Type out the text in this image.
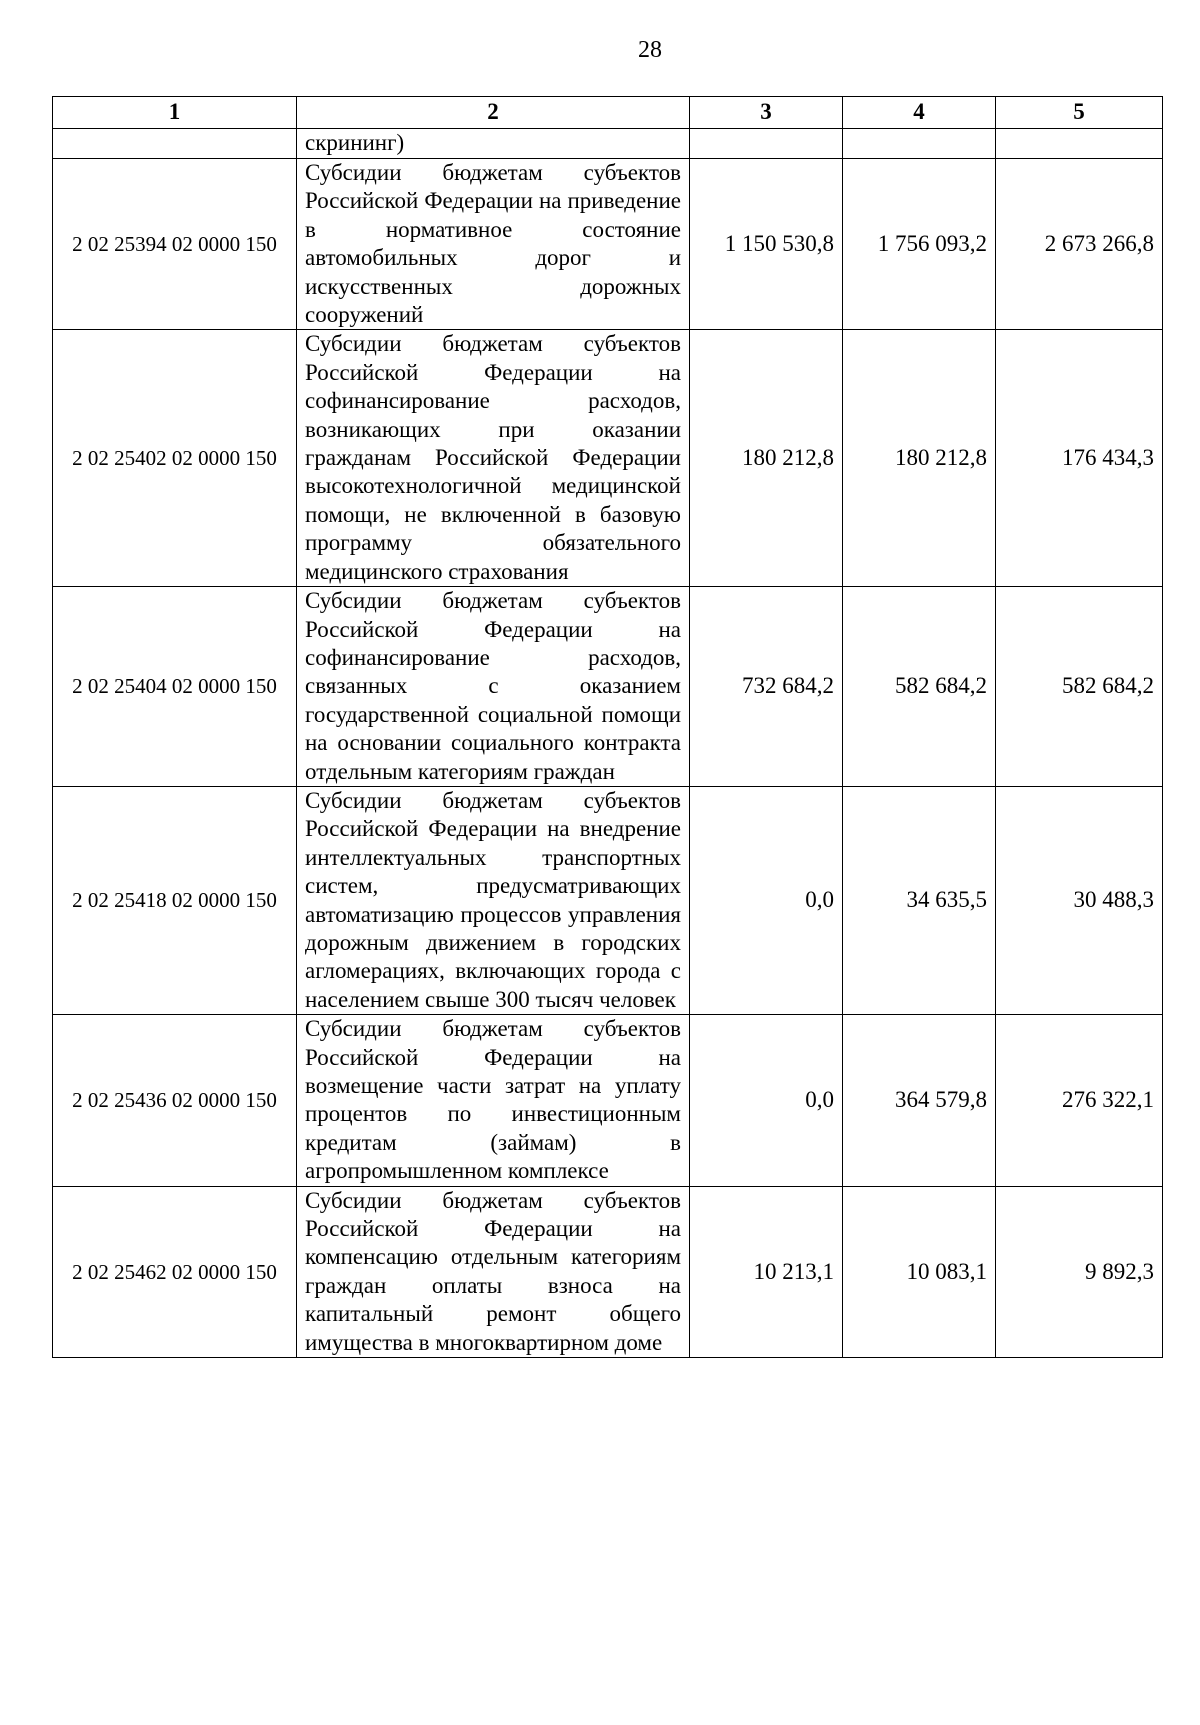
28
1	2	3	4	5
	скрининг)			
2 02 25394 02 0000 150	Субсидии бюджетам субъектов Российской Федерации на приведение в нормативное состояние автомобильных дорог и искусственных дорожных сооружений	1 150 530,8	1 756 093,2	2 673 266,8
2 02 25402 02 0000 150	Субсидии бюджетам субъектов Российской Федерации на софинансирование расходов, возникающих при оказании гражданам Российской Федерации высокотехнологичной медицинской помощи, не включенной в базовую программу обязательного медицинского страхования	180 212,8	180 212,8	176 434,3
2 02 25404 02 0000 150	Субсидии бюджетам субъектов Российской Федерации на софинансирование расходов, связанных с оказанием государственной социальной помощи на основании социального контракта отдельным категориям граждан	732 684,2	582 684,2	582 684,2
2 02 25418 02 0000 150	Субсидии бюджетам субъектов Российской Федерации на внедрение интеллектуальных транспортных систем, предусматривающих автоматизацию процессов управления дорожным движением в городских агломерациях, включающих города с населением свыше 300 тысяч человек	0,0	34 635,5	30 488,3
2 02 25436 02 0000 150	Субсидии бюджетам субъектов Российской Федерации на возмещение части затрат на уплату процентов по инвестиционным кредитам (займам) в агропромышленном комплексе	0,0	364 579,8	276 322,1
2 02 25462 02 0000 150	Субсидии бюджетам субъектов Российской Федерации на компенсацию отдельным категориям граждан оплаты взноса на капитальный ремонт общего имущества в многоквартирном доме	10 213,1	10 083,1	9 892,3
